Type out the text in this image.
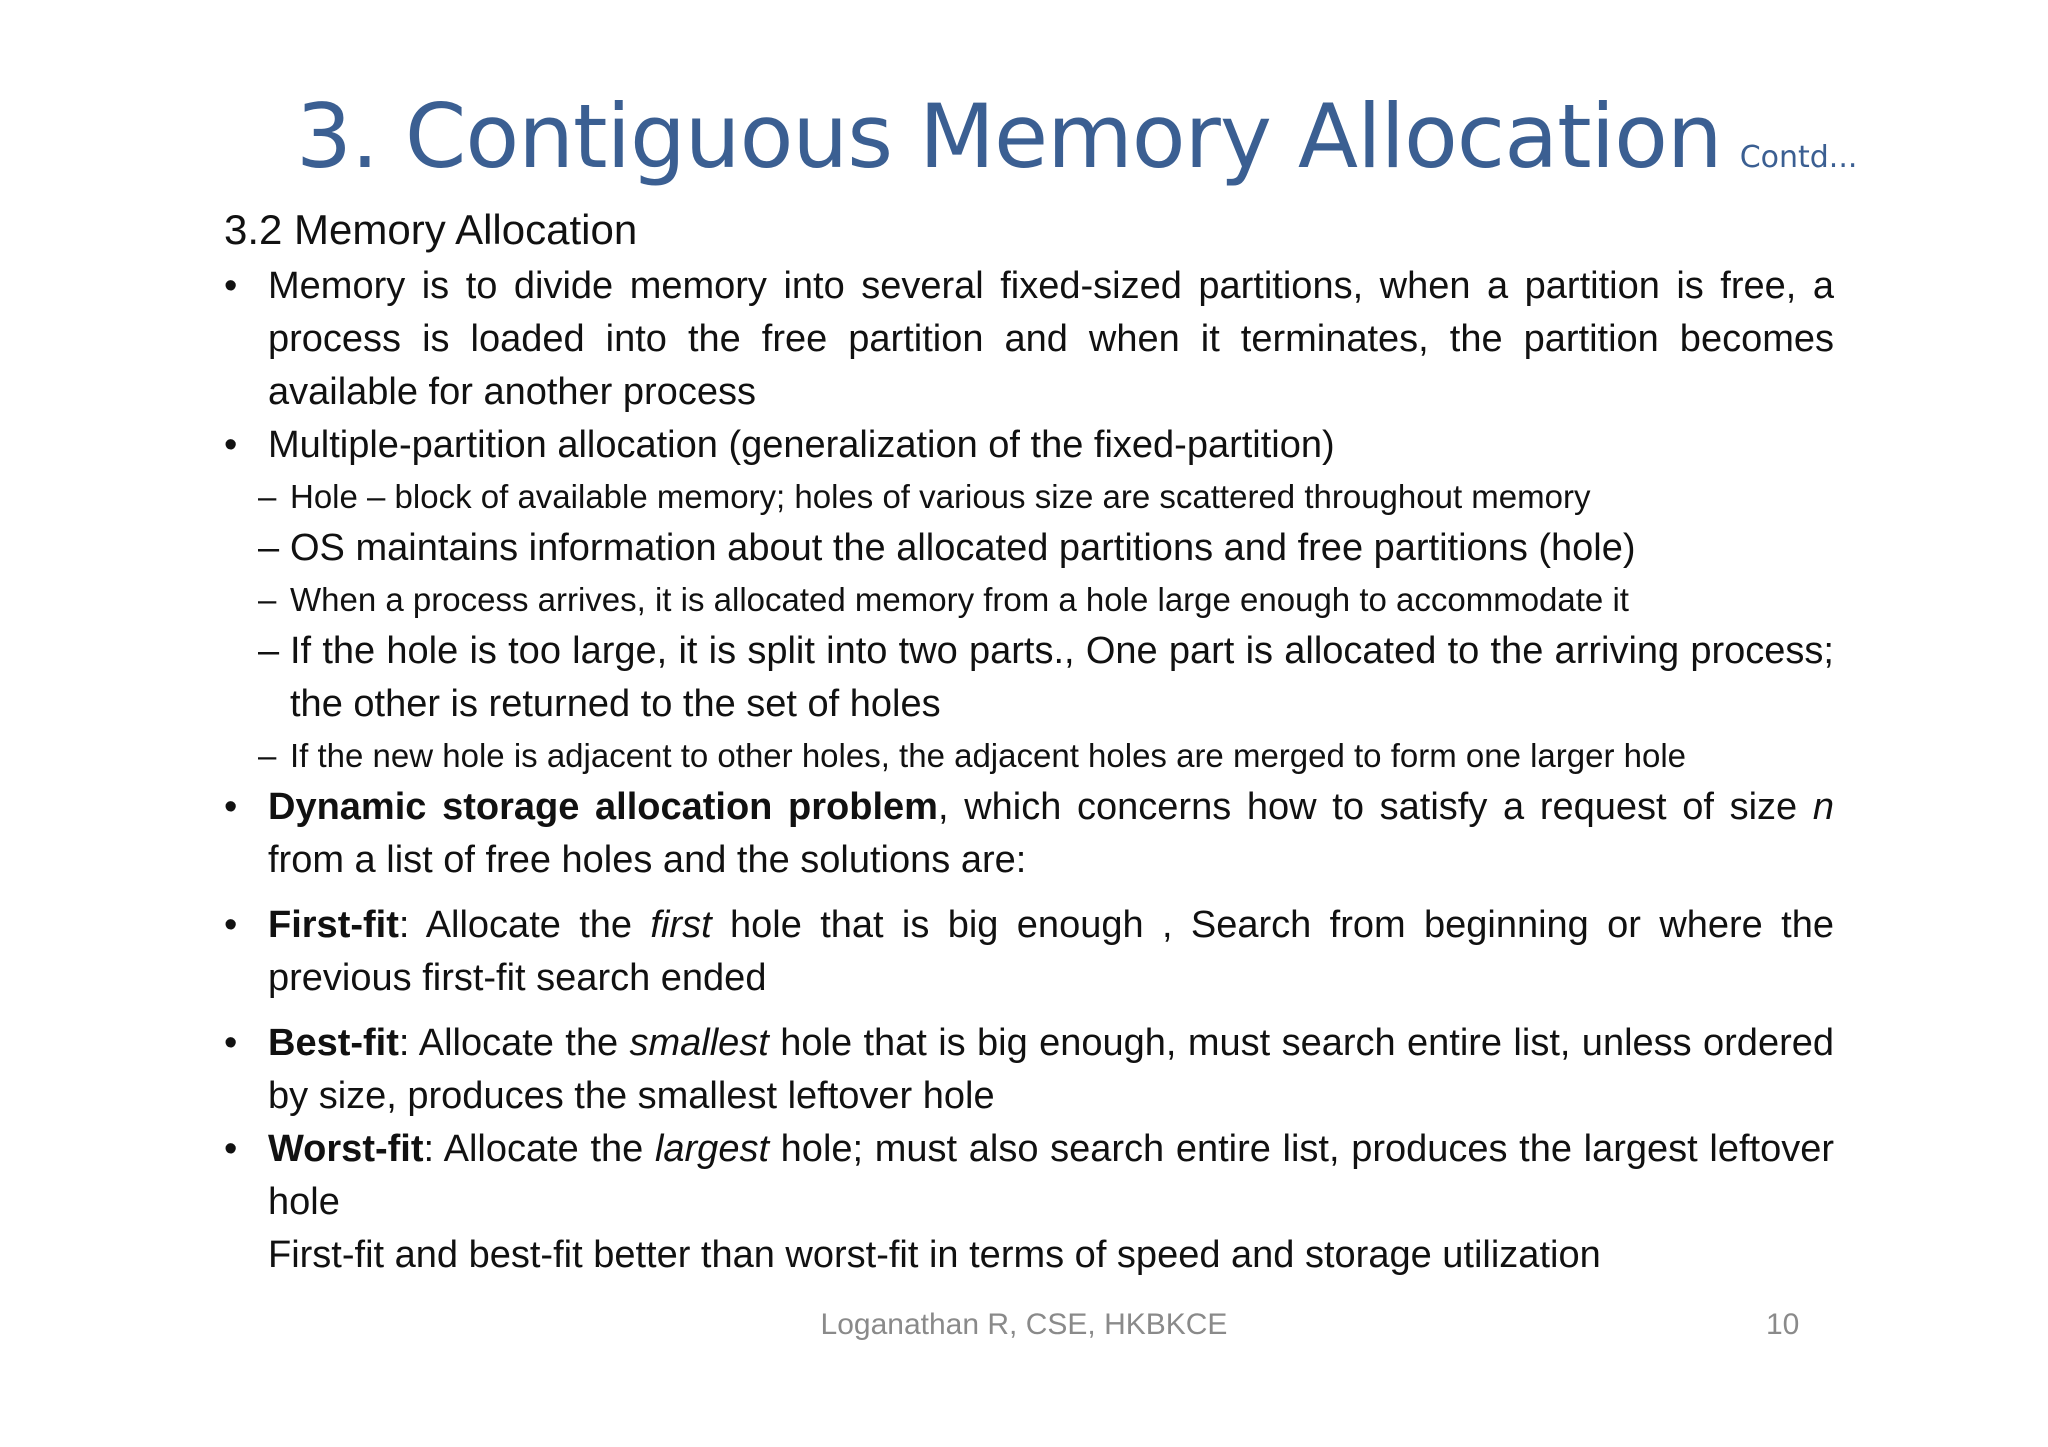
3. Contiguous Memory Allocation Contd...
3.2 Memory Allocation
• Memory is to divide memory into several fixed-sized partitions, when a partition is free, a process is loaded into the free partition and when it terminates, the partition becomes available for another process
• Multiple-partition allocation (generalization of the fixed-partition)
– Hole – block of available memory; holes of various size are scattered throughout memory
– OS maintains information about the allocated partitions and free partitions (hole)
– When a process arrives, it is allocated memory from a hole large enough to accommodate it
– If the hole is too large, it is split into two parts., One part is allocated to the arriving process; the other is returned to the set of holes
– If the new hole is adjacent to other holes, the adjacent holes are merged to form one larger hole
• Dynamic storage allocation problem, which concerns how to satisfy a request of size n from a list of free holes and the solutions are:
• First-fit: Allocate the first hole that is big enough , Search from beginning or where the previous first-fit search ended
• Best-fit: Allocate the smallest hole that is big enough, must search entire list, unless ordered by size, produces the smallest leftover hole
• Worst-fit: Allocate the largest hole; must also search entire list, produces the largest leftover hole
First-fit and best-fit better than worst-fit in terms of speed and storage utilization
Loganathan R, CSE, HKBKCE	10
